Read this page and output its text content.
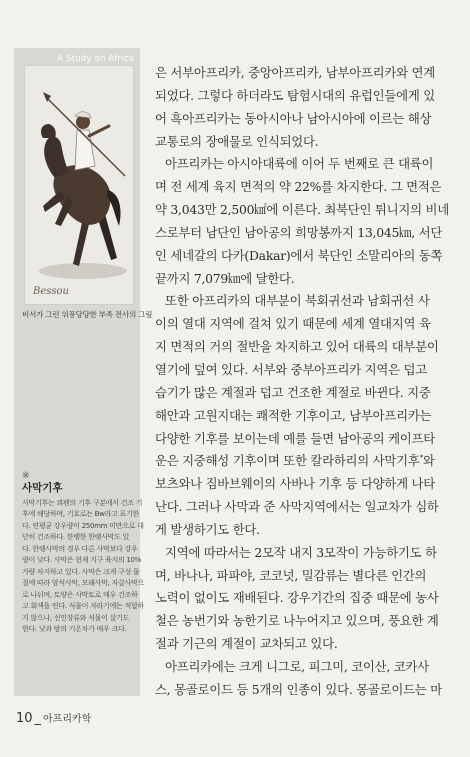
A Study on Africa
Bessou
비서가 그린 위풍당당한 부족 전사의 그림
※
사막기후
사막기후는 쾨펜의 기후 구분에서 건조 기
후에 해당하며, 기호로는 Bw라고 표기한
다. 연평균 강우량이 250mm 미만으로 대
단히 건조하다. 한랭한 한랭사막도 있
다. 한랭사막의 경우 다른 사막보다 강우
량이 낮다. 사막은 현재 지구 육지의 10%
가량 차지하고 있다. 사막은 크게 구성 물
질에 따라 암석사막, 모래사막, 자갈사막으
로 나뉘며, 토양은 사막토로 매우 건조하
고 회색을 띤다. 식물이 자라기에는 적합하
지 않으나, 선인장류와 식물이 살기도
한다. 낮과 밤의 기온차가 매우 크다.
은 서부아프리카, 중앙아프리카, 남부아프리카와 연계
되었다. 그렇다 하더라도 탐험시대의 유럽인들에게 있
어 흑아프리카는 동아시아나 남아시아에 이르는 해상
교통로의 장애물로 인식되었다.
아프리카는 아시아대륙에 이어 두 번째로 큰 대륙이
며 전 세계 육지 면적의 약 22%를 차지한다. 그 면적은
약 3,043만 2,500㎢에 이른다. 최북단인 튀니지의 비네
스로부터 남단인 남아공의 희망봉까지 13,045㎞, 서단
인 세네갈의 다카(Dakar)에서 북단인 소말리아의 동쪽
끝까지 7,079㎞에 달한다.
또한 아프리카의 대부분이 북회귀선과 남회귀선 사
이의 열대 지역에 걸쳐 있기 때문에 세계 열대지역 육
지 면적의 거의 절반을 차지하고 있어 대륙의 대부분이
열기에 덮여 있다. 서부와 중부아프리카 지역은 덥고
습기가 많은 계절과 덥고 건조한 계절로 바뀐다. 지중
해안과 고원지대는 쾌적한 기후이고, 남부아프리카는
다양한 기후를 보이는데 예를 들면 남아공의 케이프타
운은 지중해성 기후이며 또한 칼라하리의 사막기후*와
보츠와나 짐바브웨이의 사바나 기후 등 다양하게 나타
난다. 그러나 사막과 준 사막지역에서는 일교차가 심하
게 발생하기도 한다.
지역에 따라서는 2모작 내지 3모작이 가능하기도 하
며, 바나나, 파파야, 코코넛, 밀감류는 별다른 인간의
노력이 없이도 재배된다. 강우기간의 집중 때문에 농사
철은 농번기와 농한기로 나누어지고 있으며, 풍요한 계
절과 기근의 계절이 교차되고 있다.
아프리카에는 크게 니그로, 피그미, 코이산, 코카사
스, 몽골로이드 등 5개의 인종이 있다. 몽골로이드는 마
10 _ 아프리카학
